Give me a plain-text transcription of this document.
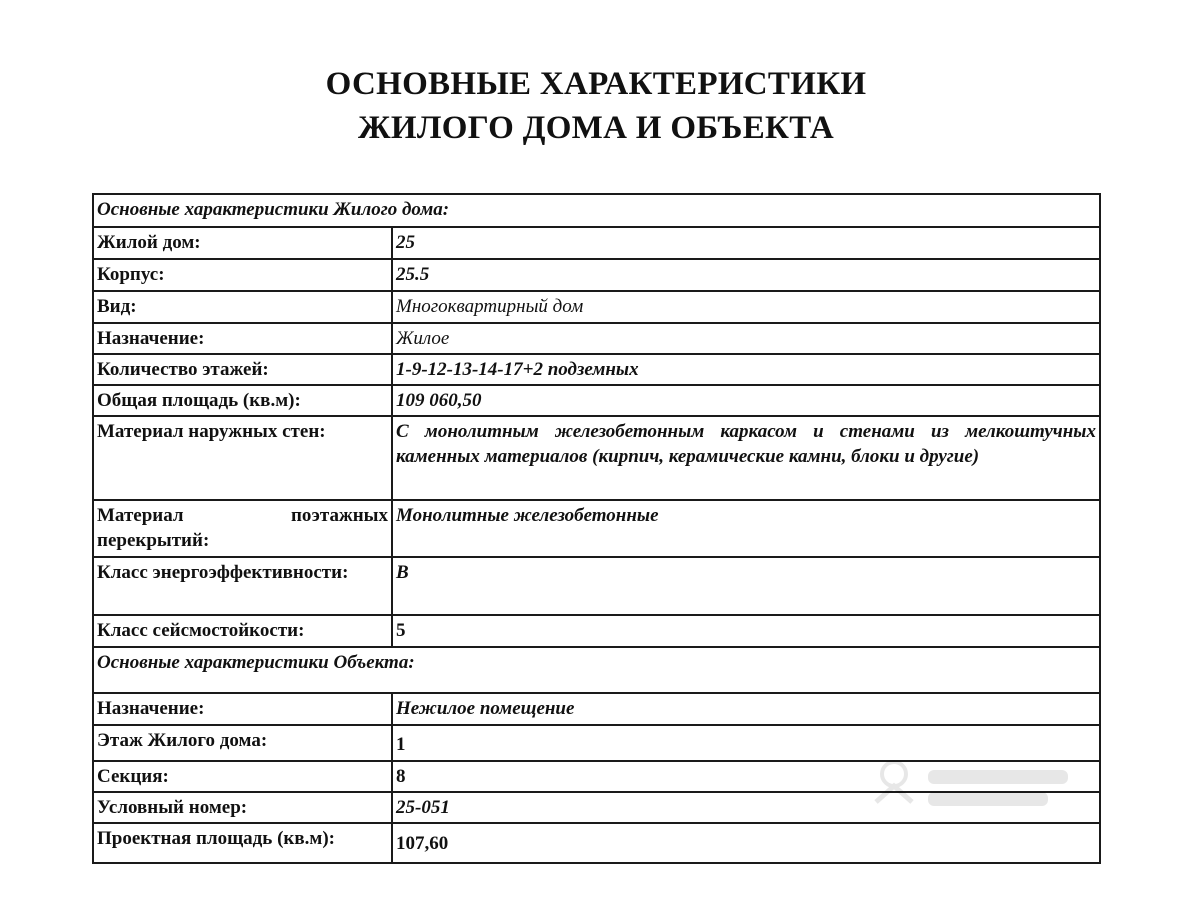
ОСНОВНЫЕ ХАРАКТЕРИСТИКИ
ЖИЛОГО ДОМА И ОБЪЕКТА
Основные характеристики Жилого дома:	
Жилой дом:	25
Корпус:	25.5
Вид:	Многоквартирный дом
Назначение:	Жилое
Количество этажей:	1-9-12-13-14-17+2 подземных
Общая площадь (кв.м):	109 060,50
Материал наружных стен:	С монолитным железобетонным каркасом и стенами из мелкоштучных каменных материалов (кирпич, керамические камни, блоки и другие)

Материал поэтажных
перекрытий:	Монолитные железобетонные
Класс энергоэффективности:	B
Класс сейсмостойкости:	5
Основные характеристики Объекта:	
Назначение:	Нежилое помещение
Этаж Жилого дома:	1
Секция:	8
Условный номер:	25-051
Проектная площадь (кв.м):	107,60
